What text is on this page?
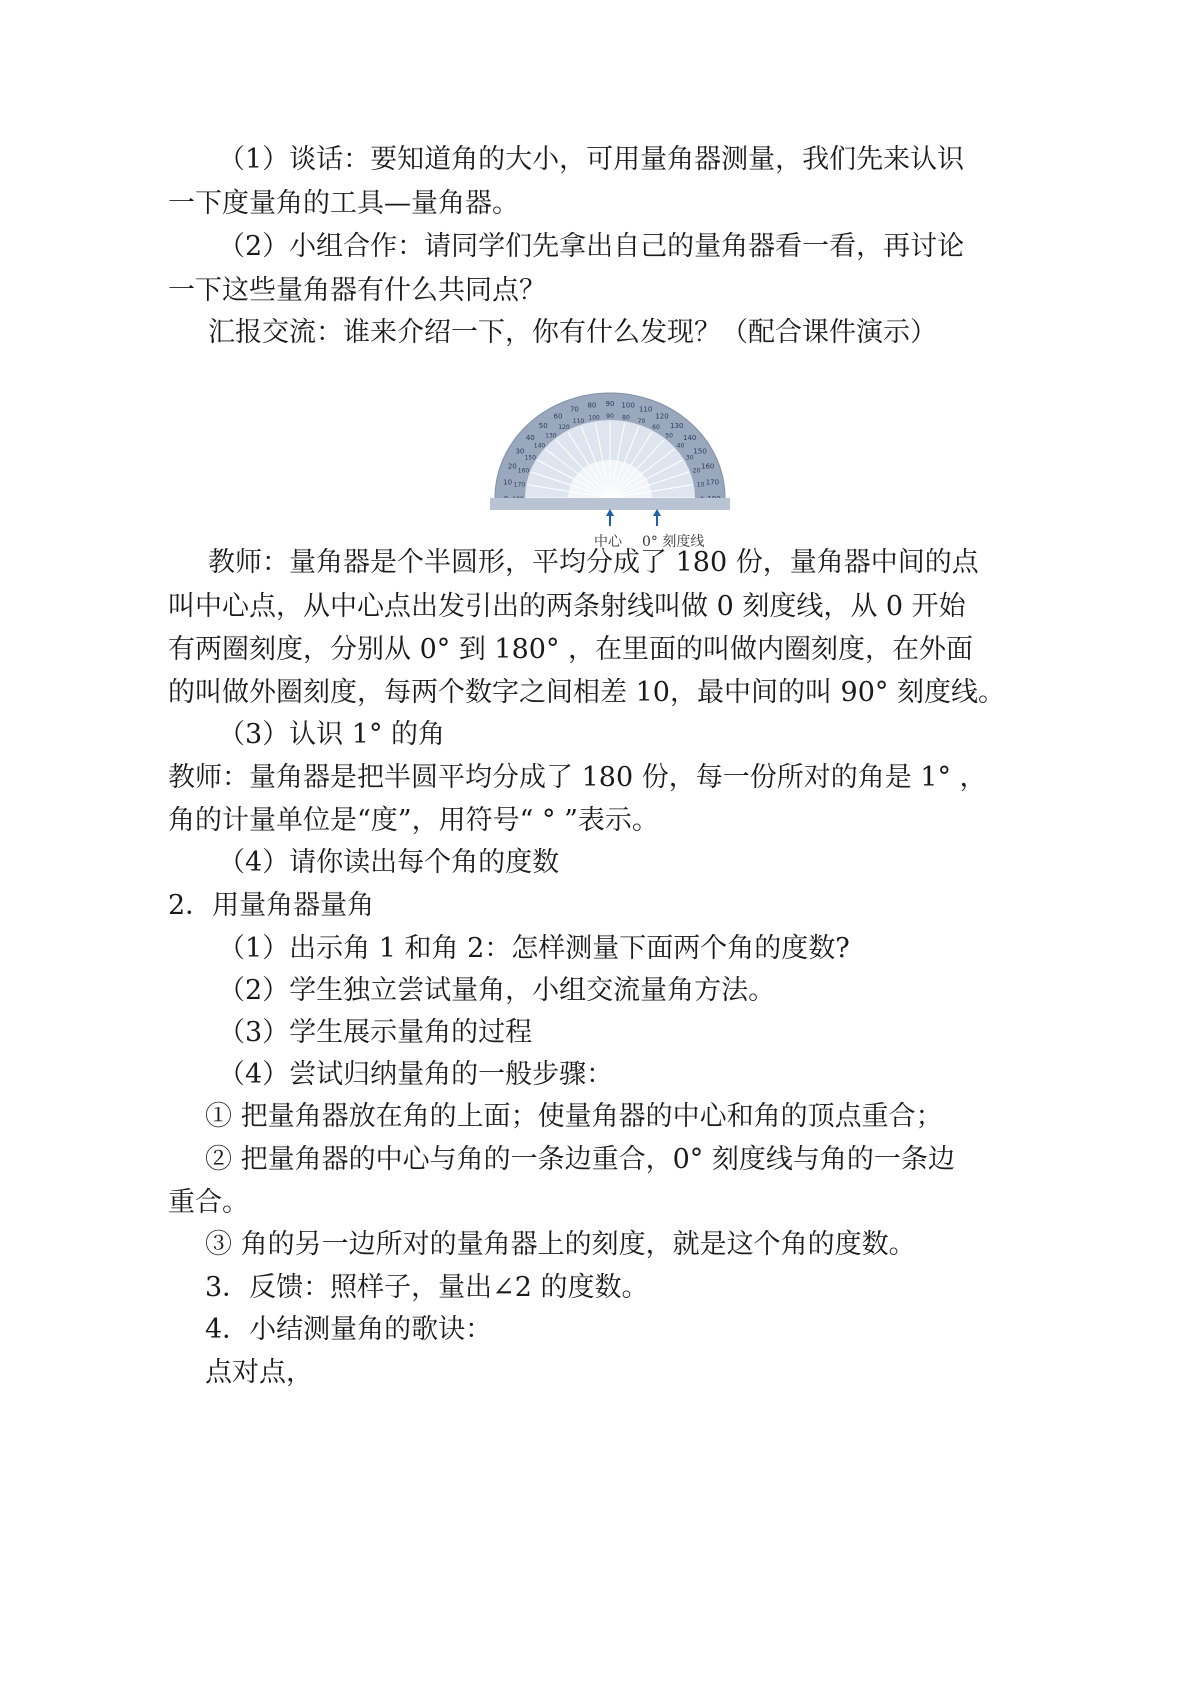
（1）谈话：要知道角的大小，可用量角器测量，我们先来认识
一下度量角的工具—量角器。
（2）小组合作：请同学们先拿出自己的量角器看一看，再讨论
一下这些量角器有什么共同点？
汇报交流：谁来介绍一下，你有什么发现？（配合课件演示）
10
20
30
40
50
60
70
80 90 100
110
120
130
140
150
160
170
170
160
150
140
130
120
110
100 90 80
70
60
50
40
30
20
10
中心 0° 刻度线
教师：量角器是个半圆形，平均分成了 180 份，量角器中间的点
叫中心点，从中心点出发引出的两条射线叫做 0 刻度线，从 0 开始
有两圈刻度，分别从 0° 到 180° ，在里面的叫做内圈刻度，在外面
的叫做外圈刻度，每两个数字之间相差 10，最中间的叫 90° 刻度线。
（3）认识 1° 的角
教师：量角器是把半圆平均分成了 180 份，每一份所对的角是 1° ，
角的计量单位是“度”，用符号“ ° ”表示。
（4）请你读出每个角的度数
2．用量角器量角
（1）出示角 1 和角 2：怎样测量下面两个角的度数?
（2）学生独立尝试量角，小组交流量角方法。
（3）学生展示量角的过程
（4）尝试归纳量角的一般步骤：
① 把量角器放在角的上面；使量角器的中心和角的顶点重合；
② 把量角器的中心与角的一条边重合，0° 刻度线与角的一条边
重合。
③ 角的另一边所对的量角器上的刻度，就是这个角的度数。
3．反馈：照样子，量出∠2 的度数。
4．小结测量角的歌诀：
点对点，
